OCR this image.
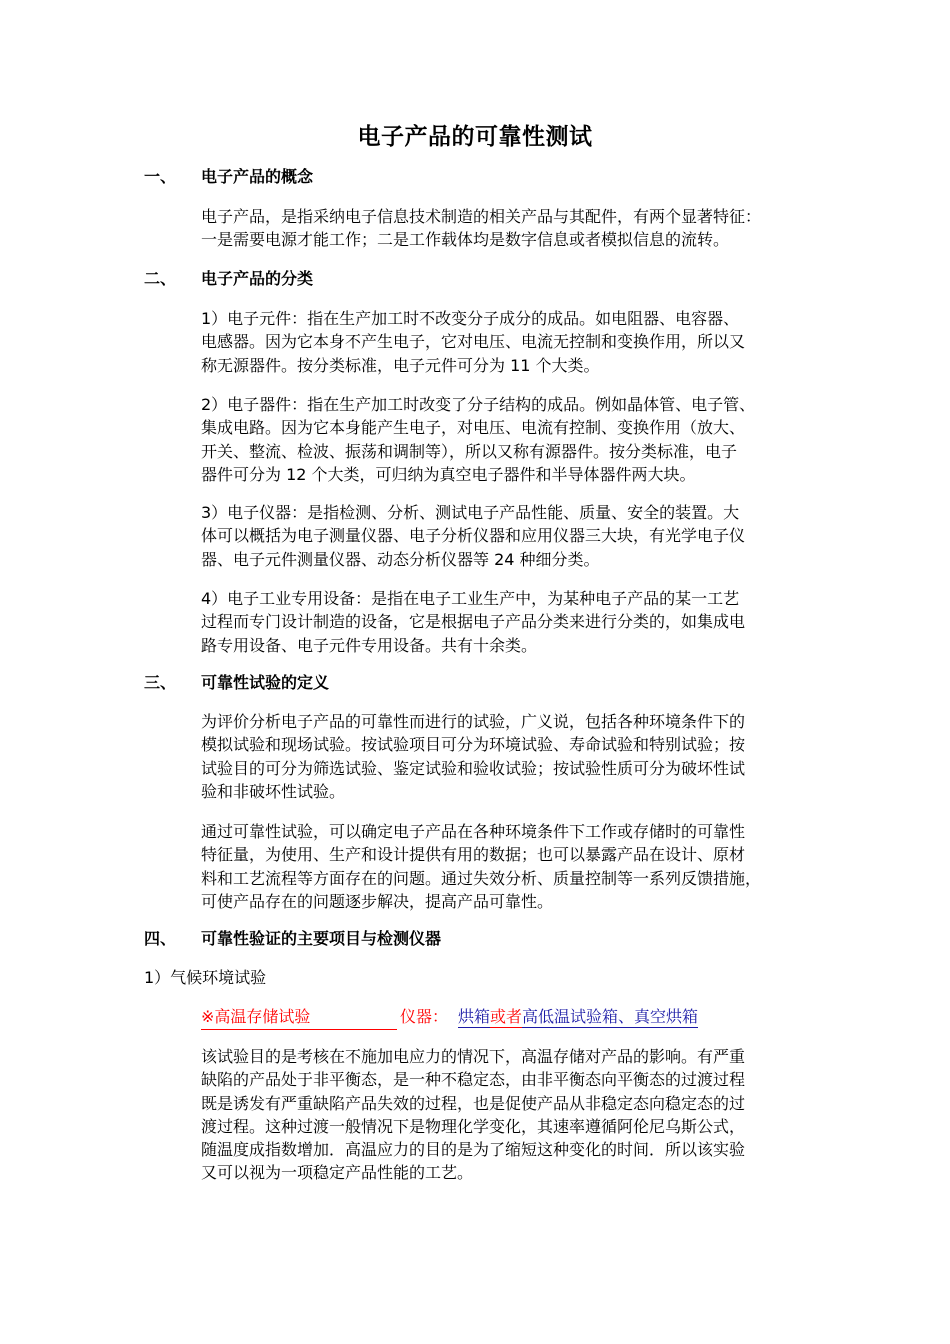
电子产品的可靠性测试
一、 电子产品的概念
电子产品，是指采纳电子信息技术制造的相关产品与其配件，有两个显著特征：
一是需要电源才能工作；二是工作载体均是数字信息或者模拟信息的流转。
二、 电子产品的分类
1）电子元件：指在生产加工时不改变分子成分的成品。如电阻器、电容器、
电感器。因为它本身不产生电子，它对电压、电流无控制和变换作用，所以又
称无源器件。按分类标准，电子元件可分为 11 个大类。
2）电子器件：指在生产加工时改变了分子结构的成品。例如晶体管、电子管、
集成电路。因为它本身能产生电子，对电压、电流有控制、变换作用（放大、
开关、整流、检波、振荡和调制等），所以又称有源器件。按分类标准，电子
器件可分为 12 个大类，可归纳为真空电子器件和半导体器件两大块。
3）电子仪器：是指检测、分析、测试电子产品性能、质量、安全的装置。大
体可以概括为电子测量仪器、电子分析仪器和应用仪器三大块，有光学电子仪
器、电子元件测量仪器、动态分析仪器等 24 种细分类。
4）电子工业专用设备：是指在电子工业生产中，为某种电子产品的某一工艺
过程而专门设计制造的设备，它是根据电子产品分类来进行分类的，如集成电
路专用设备、电子元件专用设备。共有十余类。
三、 可靠性试验的定义
为评价分析电子产品的可靠性而进行的试验，广义说，包括各种环境条件下的
模拟试验和现场试验。按试验项目可分为环境试验、寿命试验和特别试验；按
试验目的可分为筛选试验、鉴定试验和验收试验；按试验性质可分为破坏性试
验和非破坏性试验。
通过可靠性试验，可以确定电子产品在各种环境条件下工作或存储时的可靠性
特征量，为使用、生产和设计提供有用的数据；也可以暴露产品在设计、原材
料和工艺流程等方面存在的问题。通过失效分析、质量控制等一系列反馈措施，
可使产品存在的问题逐步解决，提高产品可靠性。
四、 可靠性验证的主要项目与检测仪器
1）气候环境试验
※高温存储试验	仪器： 烘箱或者高低温试验箱、真空烘箱
该试验目的是考核在不施加电应力的情况下，高温存储对产品的影响。有严重
缺陷的产品处于非平衡态，是一种不稳定态，由非平衡态向平衡态的过渡过程
既是诱发有严重缺陷产品失效的过程，也是促使产品从非稳定态向稳定态的过
渡过程。这种过渡一般情况下是物理化学变化，其速率遵循阿伦尼乌斯公式，
随温度成指数增加．高温应力的目的是为了缩短这种变化的时间．所以该实验
又可以视为一项稳定产品性能的工艺。
